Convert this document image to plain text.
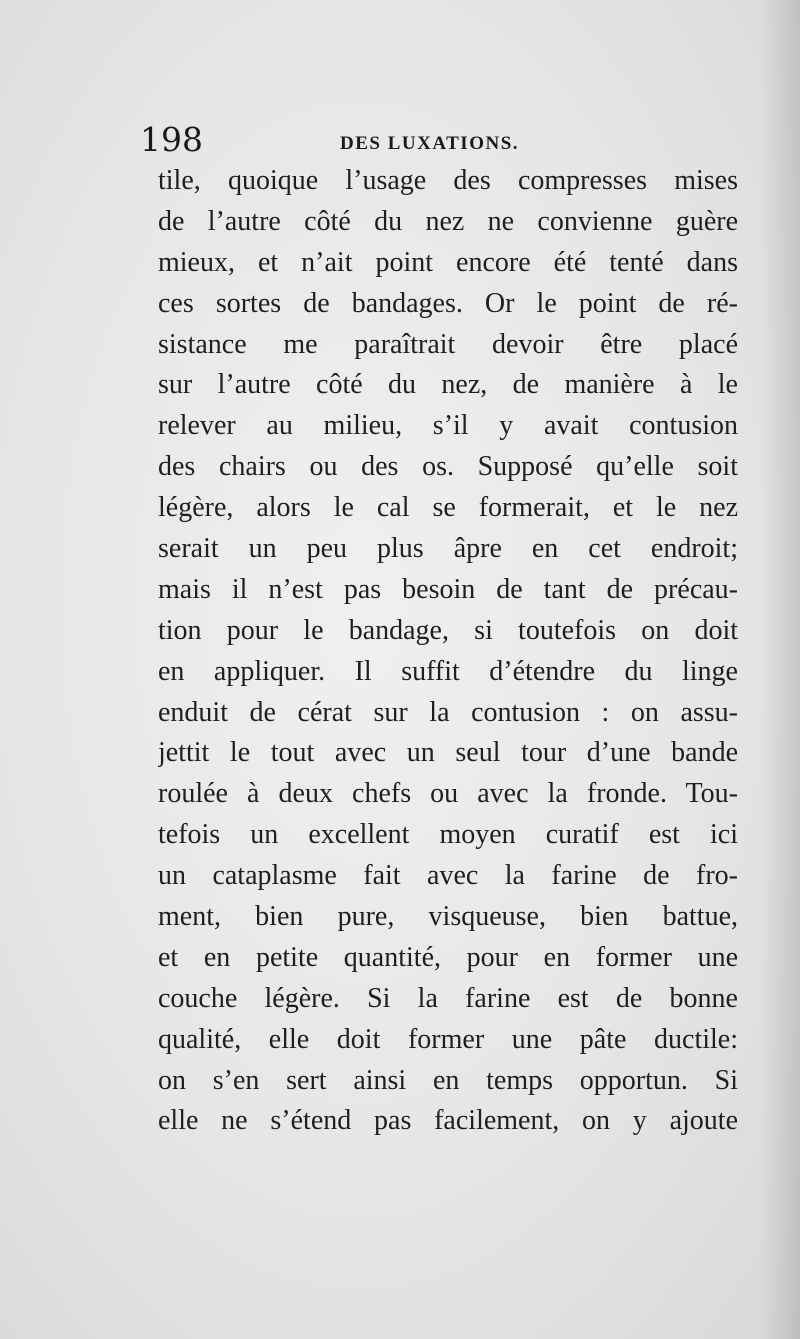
198	DES LUXATIONS.
tile, quoique l’usage des compresses mises
de l’autre côté du nez ne convienne guère
mieux, et n’ait point encore été tenté dans
ces sortes de bandages. Or le point de ré-
sistance me paraîtrait devoir être placé
sur l’autre côté du nez, de manière à le
relever au milieu, s’il y avait contusion
des chairs ou des os. Supposé qu’elle soit
légère, alors le cal se formerait, et le nez
serait un peu plus âpre en cet endroit;
mais il n’est pas besoin de tant de précau-
tion pour le bandage, si toutefois on doit
en appliquer. Il suffit d’étendre du linge
enduit de cérat sur la contusion : on assu-
jettit le tout avec un seul tour d’une bande
roulée à deux chefs ou avec la fronde. Tou-
tefois un excellent moyen curatif est ici
un cataplasme fait avec la farine de fro-
ment, bien pure, visqueuse, bien battue,
et en petite quantité, pour en former une
couche légère. Si la farine est de bonne
qualité, elle doit former une pâte ductile:
on s’en sert ainsi en temps opportun. Si
elle ne s’étend pas facilement, on y ajoute
